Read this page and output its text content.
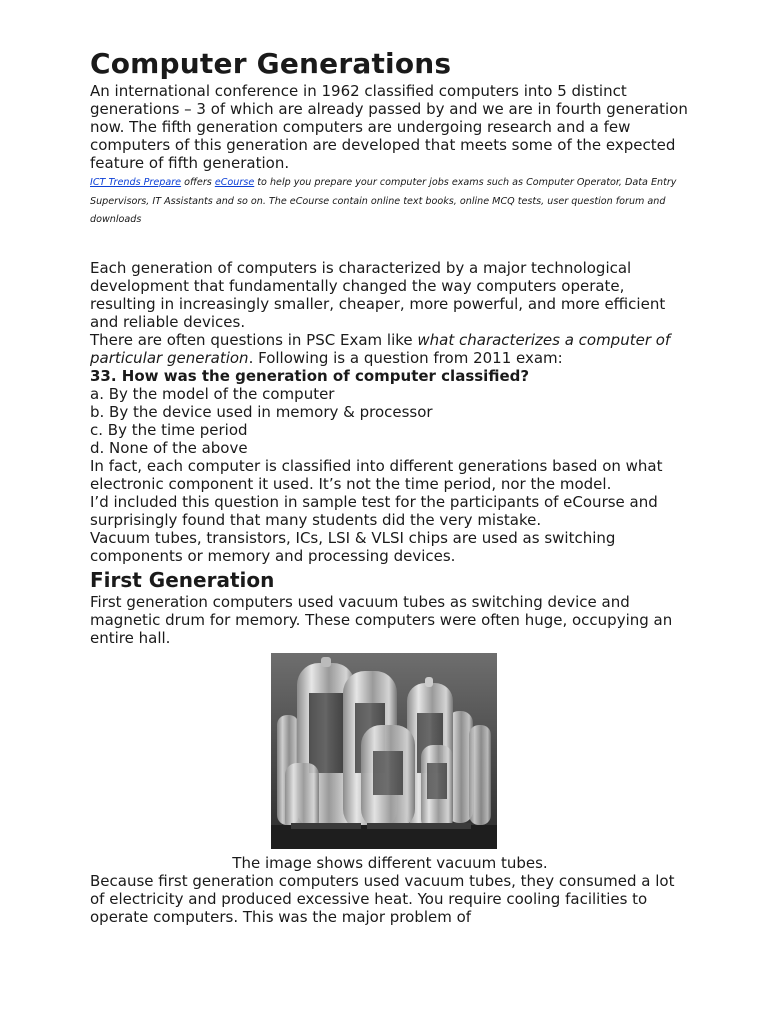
Computer Generations

An international conference in 1962 classified computers into 5 distinct generations – 3 of which are already passed by and we are in fourth generation now. The fifth generation computers are undergoing research and a few computers of this generation are developed that meets some of the expected feature of fifth generation.

ICT Trends Prepare offers eCourse to help you prepare your computer jobs exams such as Computer Operator, Data Entry Supervisors, IT Assistants and so on. The eCourse contain online text books, online MCQ tests, user question forum and downloads

Each generation of computers is characterized by a major technological development that fundamentally changed the way computers operate, resulting in increasingly smaller, cheaper, more powerful, and more efficient and reliable devices.

There are often questions in PSC Exam like what characterizes a computer of particular generation. Following is a question from 2011 exam:

33. How was the generation of computer classified?

a. By the model of the computer

b. By the device used in memory & processor

c. By the time period

d. None of the above

In fact, each computer is classified into different generations based on what electronic component it used. It’s not the time period, nor the model.

I’d included this question in sample test for the participants of eCourse and surprisingly found that many students did the very mistake.

Vacuum tubes, transistors, ICs, LSI & VLSI chips are used as switching components or memory and processing devices.

First Generation

First generation computers used vacuum tubes as switching device and magnetic drum for memory. These computers were often huge, occupying an entire hall.

The image shows different vacuum tubes.

Because first generation computers used vacuum tubes, they consumed a lot of electricity and produced excessive heat. You require cooling facilities to operate computers. This was the major problem of
